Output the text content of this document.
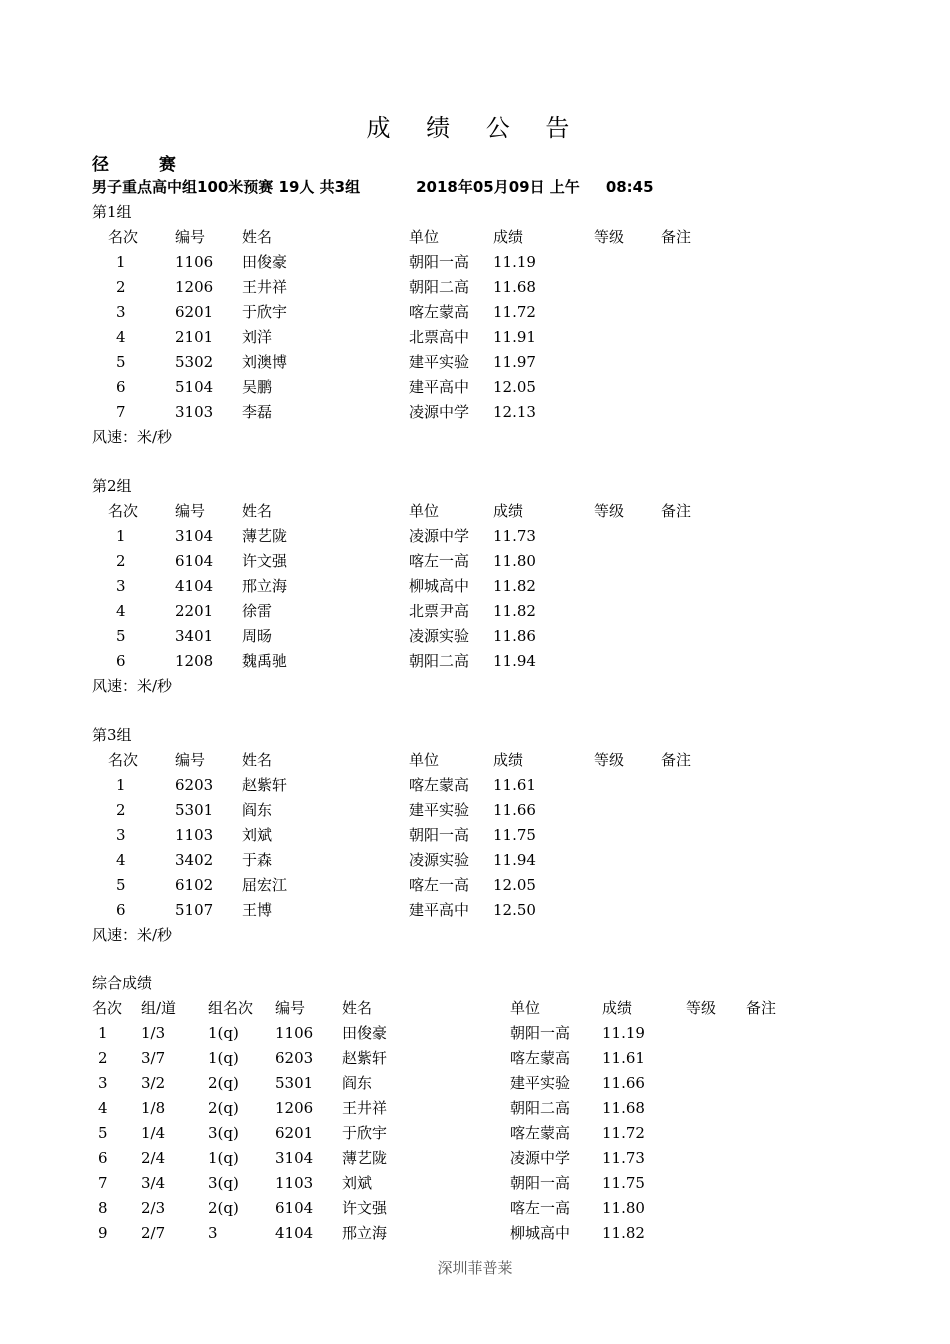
成 绩 公 告
径 赛
男子重点高中组100米预赛 19人 共3组	2018年05月09日 上午 08:45
第1组
名次 编号 姓名	单位	成绩	等级 备注
1	1106 田俊豪	朝阳一高 11.19
2	1206 王井祥	朝阳二高 11.68
3	6201 于欣宇	喀左蒙高 11.72
4	2101 刘洋	北票高中 11.91
5	5302 刘澳博	建平实验 11.97
6	5104 吴鹏	建平高中 12.05
7	3103 李磊	凌源中学 12.13
风速：米/秒
第2组
名次 编号 姓名	单位	成绩	等级 备注
1	3104 薄艺陇	凌源中学 11.73
2	6104 许文强	喀左一高 11.80
3	4104 邢立海	柳城高中 11.82
4	2201 徐雷	北票尹高 11.82
5	3401 周旸	凌源实验 11.86
6	1208 魏禹驰	朝阳二高 11.94
风速：米/秒
第3组
名次 编号 姓名	单位	成绩	等级 备注
1	6203 赵紫轩	喀左蒙高 11.61
2	5301 阎东	建平实验 11.66
3	1103 刘斌	朝阳一高 11.75
4	3402 于森	凌源实验 11.94
5	6102 屈宏江	喀左一高 12.05
6	5107 王博	建平高中 12.50
风速：米/秒
综合成绩
名次 组/道 组名次 编号 姓名	单位	成绩	等级 备注
1 1/3	1(q) 1106 田俊豪	朝阳一高 11.19
2 3/7	1(q) 6203 赵紫轩	喀左蒙高 11.61
3 3/2	2(q) 5301 阎东	建平实验 11.66
4 1/8	2(q) 1206 王井祥	朝阳二高 11.68
5 1/4	3(q) 6201 于欣宇	喀左蒙高 11.72
6 2/4	1(q) 3104 薄艺陇	凌源中学 11.73
7 3/4	3(q) 1103 刘斌	朝阳一高 11.75
8 2/3	2(q) 6104 许文强	喀左一高 11.80
9 2/7	3	4104 邢立海	柳城高中 11.82
深圳菲普莱
